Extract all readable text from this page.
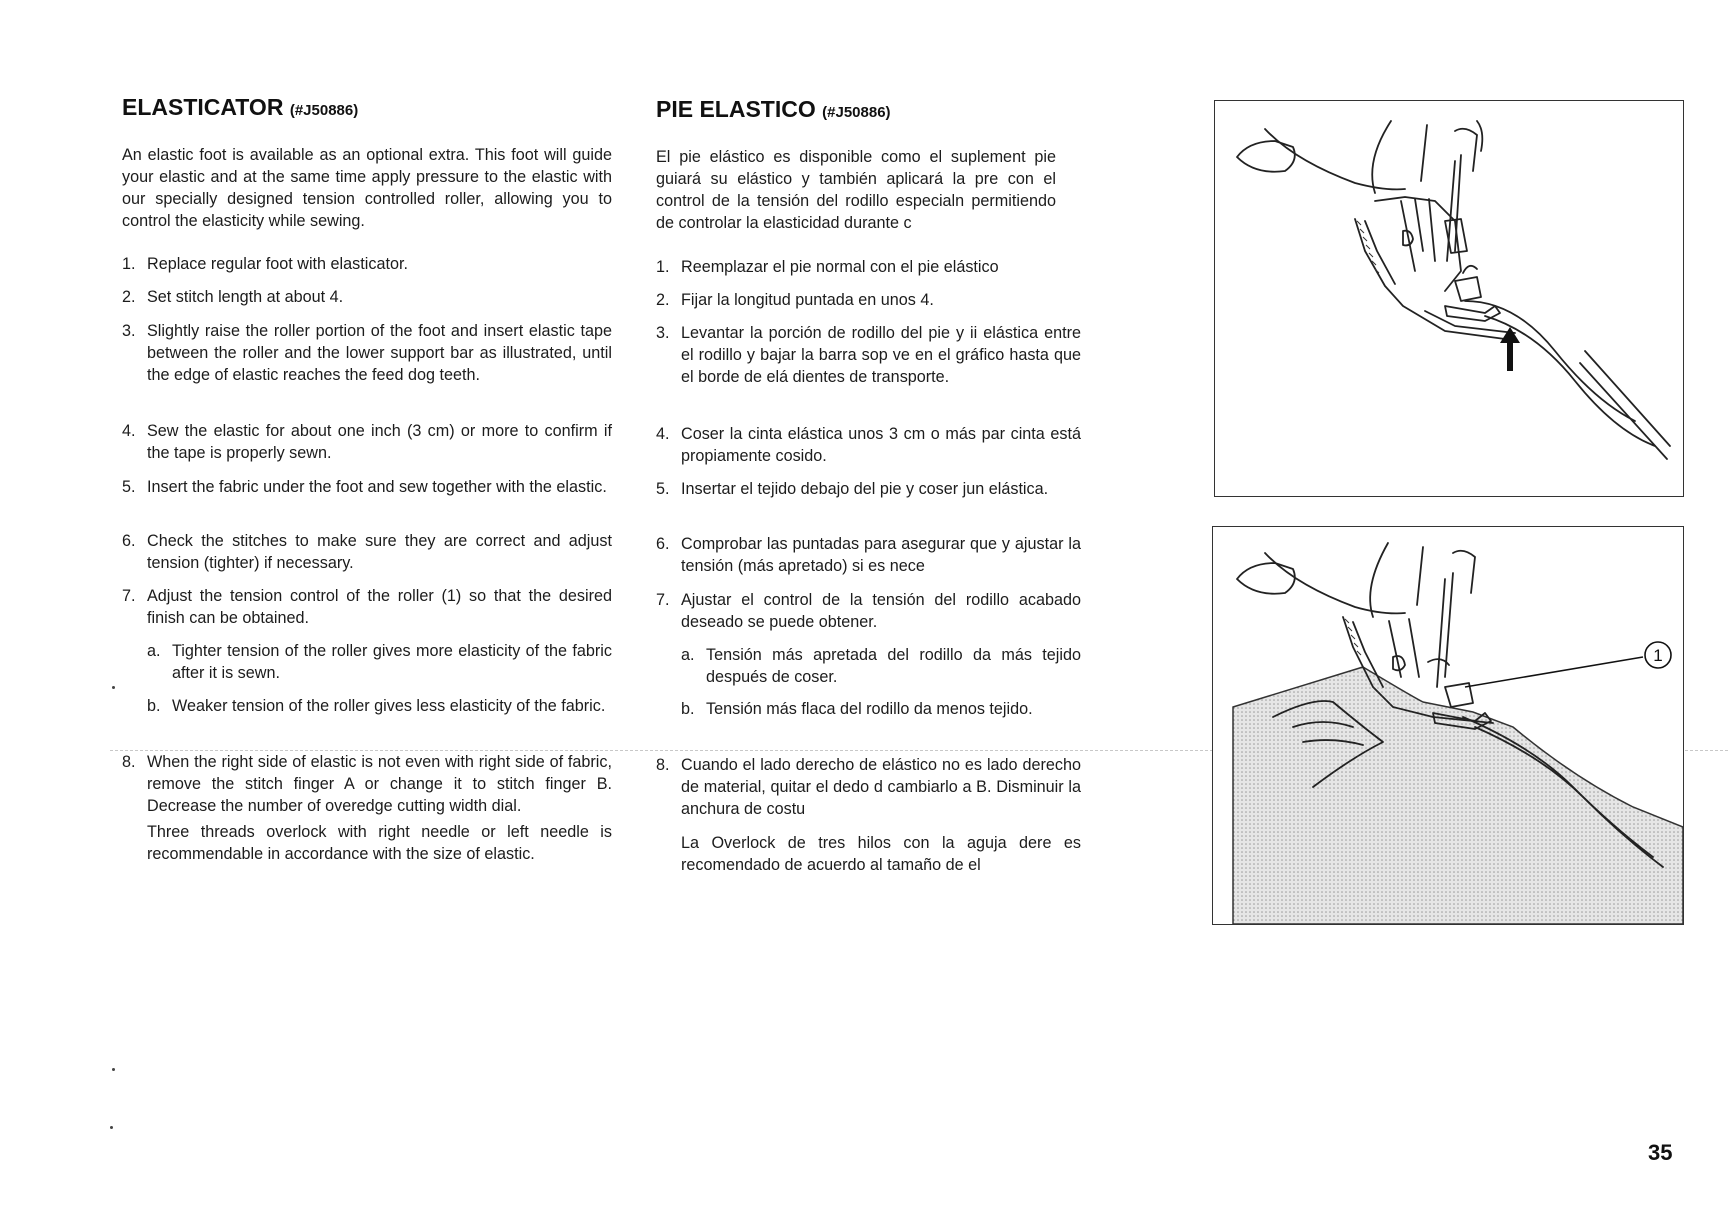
ELASTICATOR (#J50886)
An elastic foot is available as an optional extra. This foot will guide your elastic and at the same time apply pressure to the elastic with our specially designed tension controlled roller, allowing you to control the elasticity while sewing.
1. Replace regular foot with elasticator.
2. Set stitch length at about 4.
3. Slightly raise the roller portion of the foot and insert elastic tape between the roller and the lower support bar as illustrated, until the edge of elastic reaches the feed dog teeth.
4. Sew the elastic for about one inch (3 cm) or more to confirm if the tape is properly sewn.
5. Insert the fabric under the foot and sew together with the elastic.
6. Check the stitches to make sure they are correct and adjust tension (tighter) if necessary.
7. Adjust the tension control of the roller (1) so that the desired finish can be obtained.
a. Tighter tension of the roller gives more elasticity of the fabric after it is sewn.
b. Weaker tension of the roller gives less elasticity of the fabric.
8. When the right side of elastic is not even with right side of fabric, remove the stitch finger A or change it to stitch finger B. Decrease the number of overedge cutting width dial.
Three threads overlock with right needle or left needle is recommendable in accordance with the size of elastic.
PIE ELASTICO (#J50886)
El pie elástico es disponible como el suplement pie guiará su elástico y también aplicará la pre con el control de la tensión del rodillo especialn permitiendo de controlar la elasticidad durante c
1. Reemplazar el pie normal con el pie elástico
2. Fijar la longitud puntada en unos 4.
3. Levantar la porción de rodillo del pie y ii elástica entre el rodillo y bajar la barra sop ve en el gráfico hasta que el borde de elá dientes de transporte.
4. Coser la cinta elástica unos 3 cm o más par cinta está propiamente cosido.
5. Insertar el tejido debajo del pie y coser jun elástica.
6. Comprobar las puntadas para asegurar que y ajustar la tensión (más apretado) si es nece
7. Ajustar el control de la tensión del rodillo acabado deseado se puede obtener.
a. Tensión más apretada del rodillo da más tejido después de coser.
b. Tensión más flaca del rodillo da menos tejido.
8. Cuando el lado derecho de elástico no es lado derecho de material, quitar el dedo d cambiarlo a B. Disminuir la anchura de costu
La Overlock de tres hilos con la aguja dere es recomendado de acuerdo al tamaño de el
1
35
